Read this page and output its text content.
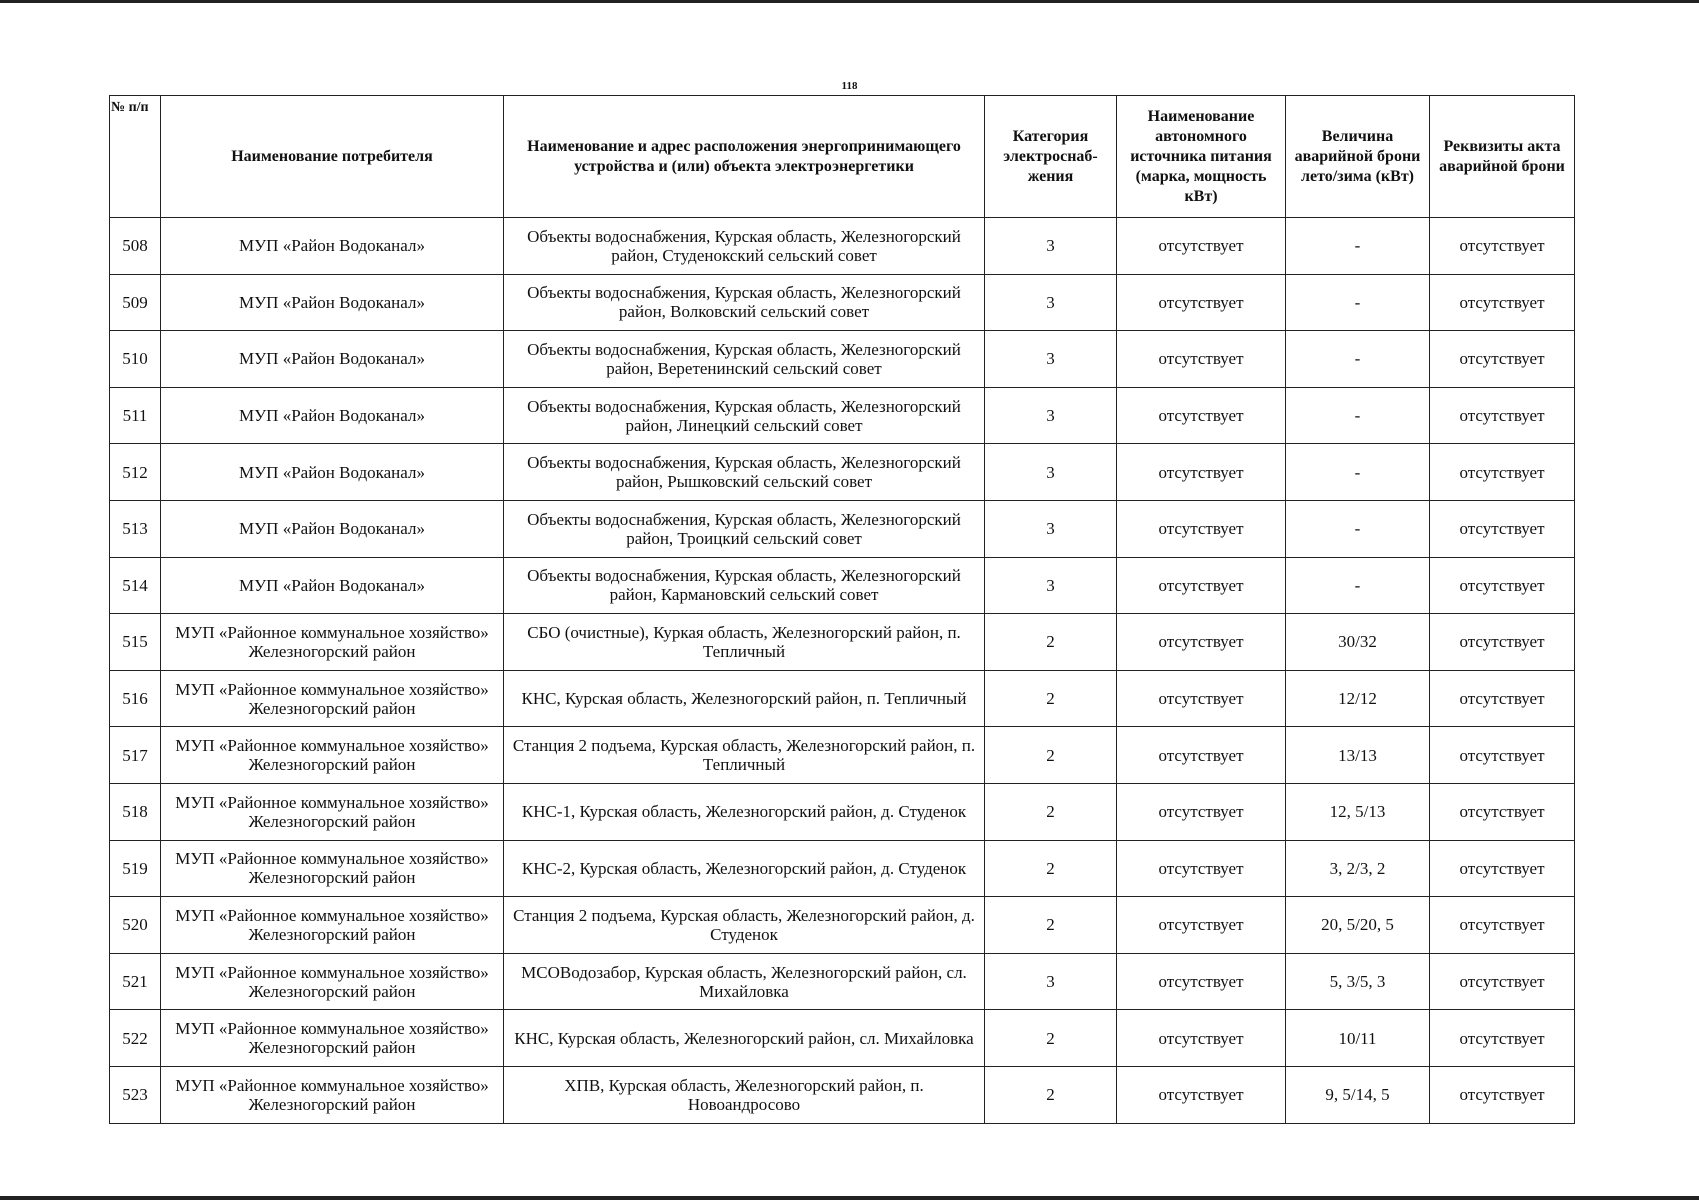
118
№ п/п	Наименование потребителя	Наименование и адрес расположения энергопринимающего устройства и (или) объекта электроэнергетики	Категория электроснаб-жения	Наименование автономного источника питания (марка, мощность кВт)	Величина аварийной брони лето/зима (кВт)	Реквизиты акта аварийной брони
508	МУП «Район Водоканал»	Объекты водоснабжения, Курская область, Железногорский район, Студенокский сельский совет	3	отсутствует	-	отсутствует
509	МУП «Район Водоканал»	Объекты водоснабжения, Курская область, Железногорский район, Волковский сельский совет	3	отсутствует	-	отсутствует
510	МУП «Район Водоканал»	Объекты водоснабжения, Курская область, Железногорский район, Веретенинский сельский совет	3	отсутствует	-	отсутствует
511	МУП «Район Водоканал»	Объекты водоснабжения, Курская область, Железногорский район, Линецкий сельский совет	3	отсутствует	-	отсутствует
512	МУП «Район Водоканал»	Объекты водоснабжения, Курская область, Железногорский район, Рышковский сельский совет	3	отсутствует	-	отсутствует
513	МУП «Район Водоканал»	Объекты водоснабжения, Курская область, Железногорский район, Троицкий сельский совет	3	отсутствует	-	отсутствует
514	МУП «Район Водоканал»	Объекты водоснабжения, Курская область, Железногорский район, Кармановский сельский совет	3	отсутствует	-	отсутствует
515	МУП «Районное коммунальное хозяйство» Железногорский район	СБО (очистные), Куркая область, Железногорский район, п. Тепличный	2	отсутствует	30/32	отсутствует
516	МУП «Районное коммунальное хозяйство» Железногорский район	КНС, Курская область, Железногорский район, п. Тепличный	2	отсутствует	12/12	отсутствует
517	МУП «Районное коммунальное хозяйство» Железногорский район	Станция 2 подъема, Курская область, Железногорский район, п. Тепличный	2	отсутствует	13/13	отсутствует
518	МУП «Районное коммунальное хозяйство» Железногорский район	КНС-1, Курская область, Железногорский район, д. Студенок	2	отсутствует	12, 5/13	отсутствует
519	МУП «Районное коммунальное хозяйство» Железногорский район	КНС-2, Курская область, Железногорский район, д. Студенок	2	отсутствует	3, 2/3, 2	отсутствует
520	МУП «Районное коммунальное хозяйство» Железногорский район	Станция 2 подъема, Курская область, Железногорский район, д. Студенок	2	отсутствует	20, 5/20, 5	отсутствует
521	МУП «Районное коммунальное хозяйство» Железногорский район	МСОВодозабор, Курская область, Железногорский район, сл. Михайловка	3	отсутствует	5, 3/5, 3	отсутствует
522	МУП «Районное коммунальное хозяйство» Железногорский район	КНС, Курская область, Железногорский район, сл. Михайловка	2	отсутствует	10/11	отсутствует
523	МУП «Районное коммунальное хозяйство» Железногорский район	ХПВ, Курская область, Железногорский район, п. Новоандросово	2	отсутствует	9, 5/14, 5	отсутствует
